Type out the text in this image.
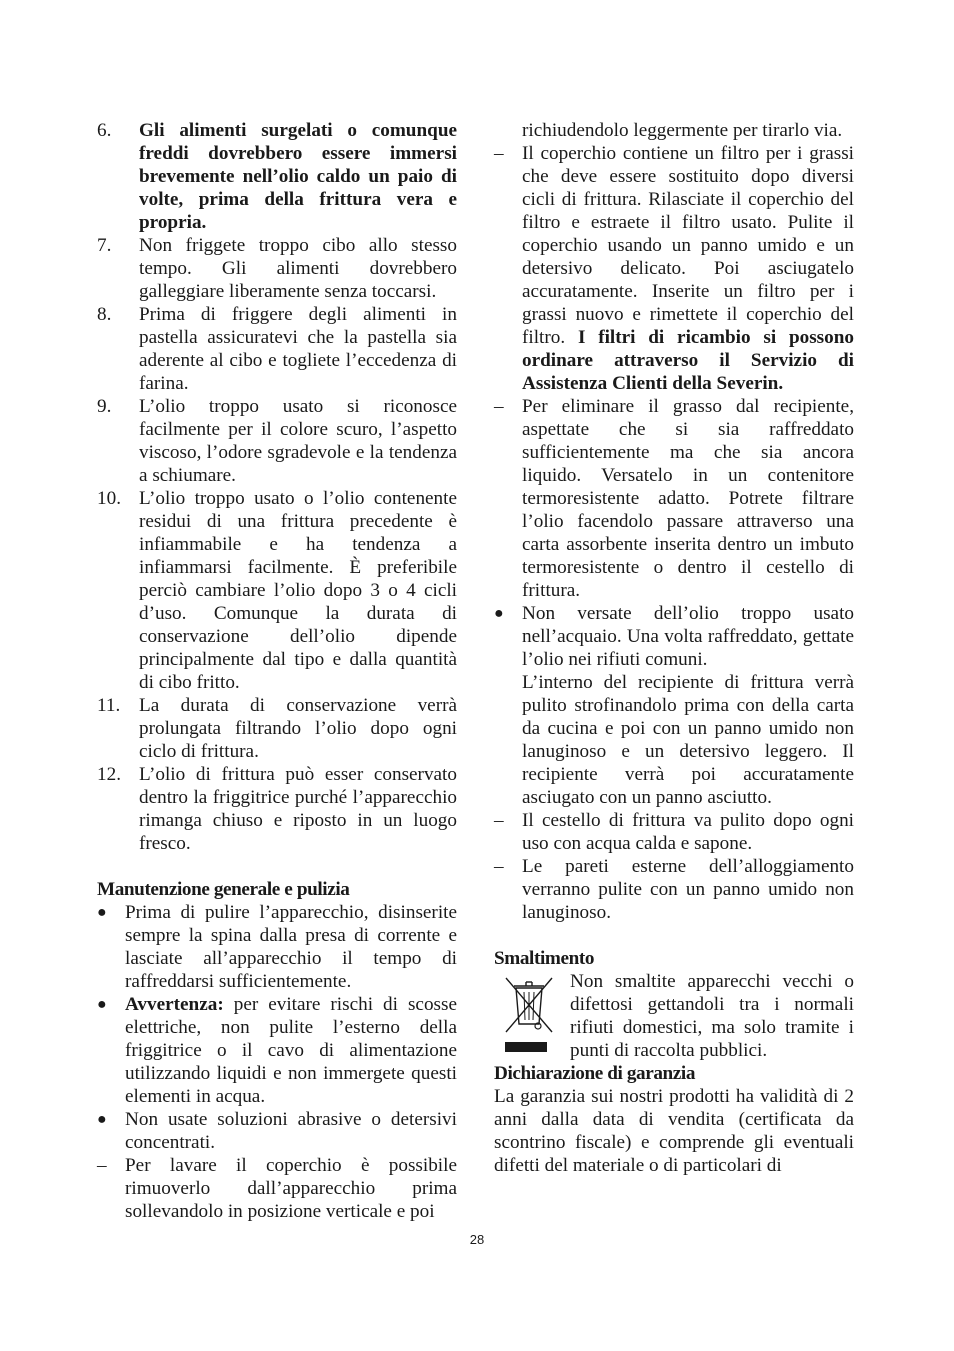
6.	Gli alimenti surgelati o comunque freddi dovrebbero essere immersi brevemente nell’olio caldo un paio di volte, prima della frittura vera e propria.
7.	Non friggete troppo cibo allo stesso tempo. Gli alimenti dovrebbero galleggiare liberamente senza toccarsi.
8.	Prima di friggere degli alimenti in pastella assicuratevi che la pastella sia aderente al cibo e togliete l’eccedenza di farina.
9.	L’olio troppo usato si riconosce facilmente per il colore scuro, l’aspetto viscoso, l’odore sgradevole e la tendenza a schiumare.
10. L’olio troppo usato o l’olio contenente residui di una frittura precedente è infiammabile e ha tendenza a infiammarsi facilmente. È preferibile perciò cambiare l’olio dopo 3 o 4 cicli d’uso. Comunque la durata di conservazione dell’olio dipende principalmente dal tipo e dalla quantità di cibo fritto.
11. La durata di conservazione verrà prolungata filtrando l’olio dopo ogni ciclo di frittura.
12. L’olio di frittura può esser conservato dentro la friggitrice purché l’apparecchio rimanga chiuso e riposto in un luogo fresco.
Manutenzione generale e pulizia
● Prima di pulire l’apparecchio, disinserite sempre la spina dalla presa di corrente e lasciate all’apparecchio il tempo di raffreddarsi sufficientemente.
● Avvertenza: per evitare rischi di scosse elettriche, non pulite l’esterno della friggitrice o il cavo di alimentazione utilizzando liquidi e non immergete questi elementi in acqua.
● Non usate soluzioni abrasive o detersivi concentrati.
– Per lavare il coperchio è possibile rimuoverlo dall’apparecchio prima sollevandolo in posizione verticale e poi
richiudendolo leggermente per tirarlo via.
– Il coperchio contiene un filtro per i grassi che deve essere sostituito dopo diversi cicli di frittura. Rilasciate il coperchio del filtro e estraete il filtro usato. Pulite il coperchio usando un panno umido e un detersivo delicato. Poi asciugatelo accuratamente. Inserite un filtro per i grassi nuovo e rimettete il coperchio del filtro. I filtri di ricambio si possono ordinare attraverso il Servizio di Assistenza Clienti della Severin.
– Per eliminare il grasso dal recipiente, aspettate che si sia raffreddato sufficientemente ma che sia ancora liquido. Versatelo in un contenitore termoresistente adatto. Potrete filtrare l’olio facendolo passare attraverso una carta assorbente inserita dentro un imbuto termoresistente o dentro il cestello di frittura.
● Non versate dell’olio troppo usato nell’acquaio. Una volta raffreddato, gettate l’olio nei rifiuti comuni.
L’interno del recipiente di frittura verrà pulito strofinandolo prima con della carta da cucina e poi con un panno umido non lanuginoso e un detersivo leggero. Il recipiente verrà poi accuratamente asciugato con un panno asciutto.
– Il cestello di frittura va pulito dopo ogni uso con acqua calda e sapone.
– Le pareti esterne dell’alloggiamento verranno pulite con un panno umido non lanuginoso.
Smaltimento
Non smaltite apparecchi vecchi o difettosi gettandoli tra i normali rifiuti domestici, ma solo tramite i punti di raccolta pubblici.
Dichiarazione di garanzia
La garanzia sui nostri prodotti ha validità di 2 anni dalla data di vendita (certificata da scontrino fiscale) e comprende gli eventuali difetti del materiale o di particolari di
28
